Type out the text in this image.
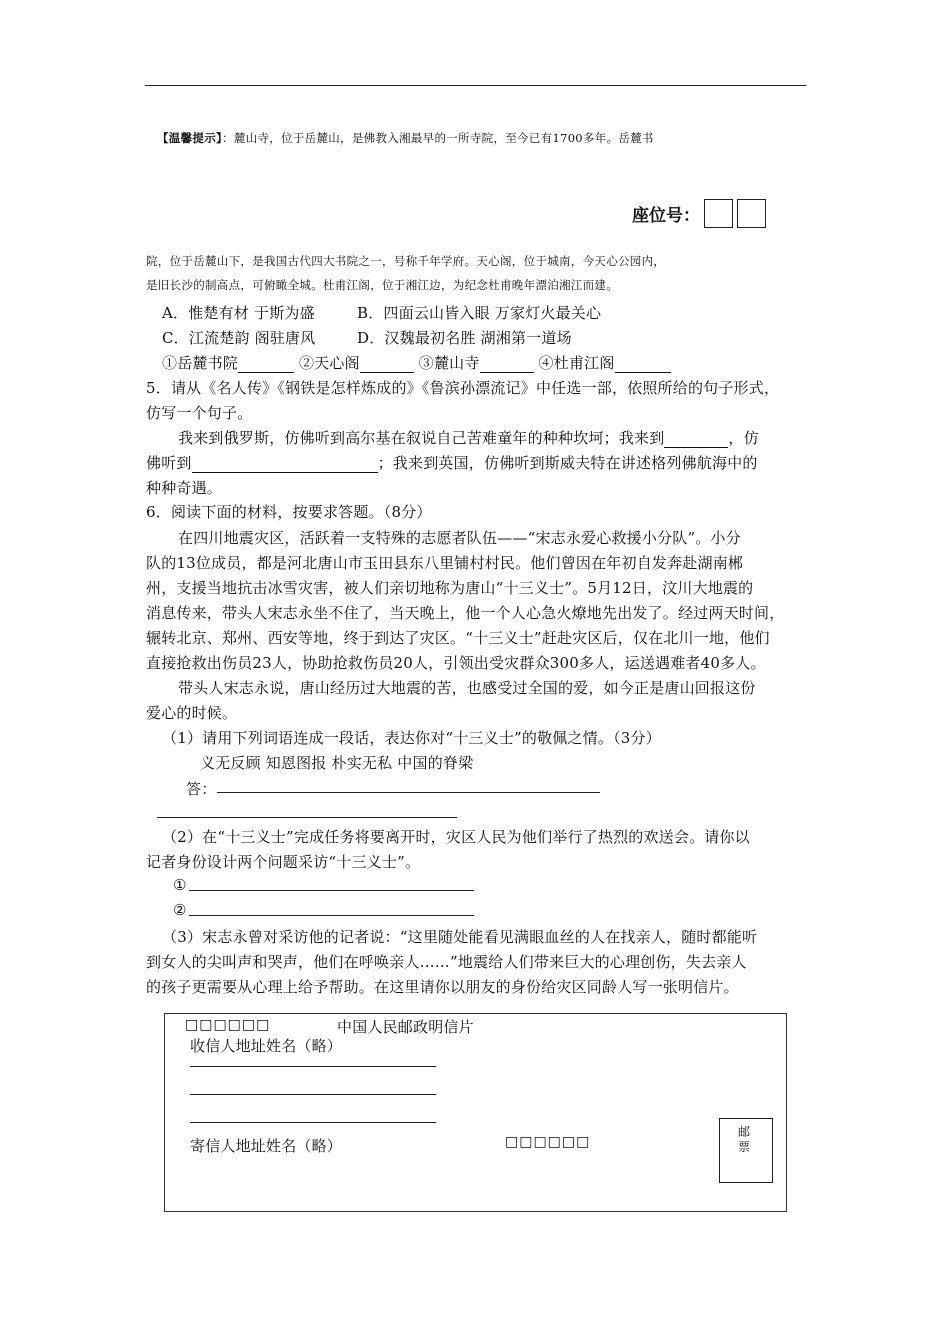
【温馨提示】：麓山寺，位于岳麓山，是佛教入湘最早的一所寺院，至今已有1700多年。岳麓书
座位号：
院，位于岳麓山下，是我国古代四大书院之一，号称千年学府。天心阁，位于城南，今天心公园内，
是旧长沙的制高点，可俯瞰全城。杜甫江阁，位于湘江边，为纪念杜甫晚年漂泊湘江而建。
A．惟楚有材 于斯为盛	B．四面云山皆入眼 万家灯火最关心
C．江流楚韵 阁驻唐风	D．汉魏最初名胜 湖湘第一道场
①岳麓书院	②天心阁	③麓山寺	④杜甫江阁
5．请从《名人传》《钢铁是怎样炼成的》《鲁滨孙漂流记》中任选一部，依照所给的句子形式，
仿写一个句子。
我来到俄罗斯，仿佛听到高尔基在叙说自己苦难童年的种种坎坷；我来到	，仿
佛听到	；我来到英国，仿佛听到斯威夫特在讲述格列佛航海中的
种种奇遇。
6．阅读下面的材料，按要求答题。（8分）
在四川地震灾区，活跃着一支特殊的志愿者队伍——“宋志永爱心救援小分队”。小分
队的13位成员，都是河北唐山市玉田县东八里铺村村民。他们曾因在年初自发奔赴湖南郴
州，支援当地抗击冰雪灾害，被人们亲切地称为唐山“十三义士”。5月12日，汶川大地震的
消息传来，带头人宋志永坐不住了，当天晚上，他一个人心急火燎地先出发了。经过两天时间，
辗转北京、郑州、西安等地，终于到达了灾区。“十三义士”赶赴灾区后，仅在北川一地，他们
直接抢救出伤员23人，协助抢救伤员20人，引领出受灾群众300多人，运送遇难者40多人。
带头人宋志永说，唐山经历过大地震的苦，也感受过全国的爱，如今正是唐山回报这份
爱心的时候。
（1）请用下列词语连成一段话，表达你对“十三义士”的敬佩之情。（3分）
义无反顾 知恩图报 朴实无私 中国的脊梁
答：
（2）在“十三义士”完成任务将要离开时，灾区人民为他们举行了热烈的欢送会。请你以
记者身份设计两个问题采访“十三义士”。
①
②
（3）宋志永曾对采访他的记者说：“这里随处能看见满眼血丝的人在找亲人，随时都能听
到女人的尖叫声和哭声，他们在呼唤亲人……”地震给人们带来巨大的心理创伤，失去亲人
的孩子更需要从心理上给予帮助。在这里请你以朋友的身份给灾区同龄人写一张明信片。
□□□□□□	中国人民邮政明信片
收信人地址姓名（略）
寄信人地址姓名（略）	□□□□□□
邮票
